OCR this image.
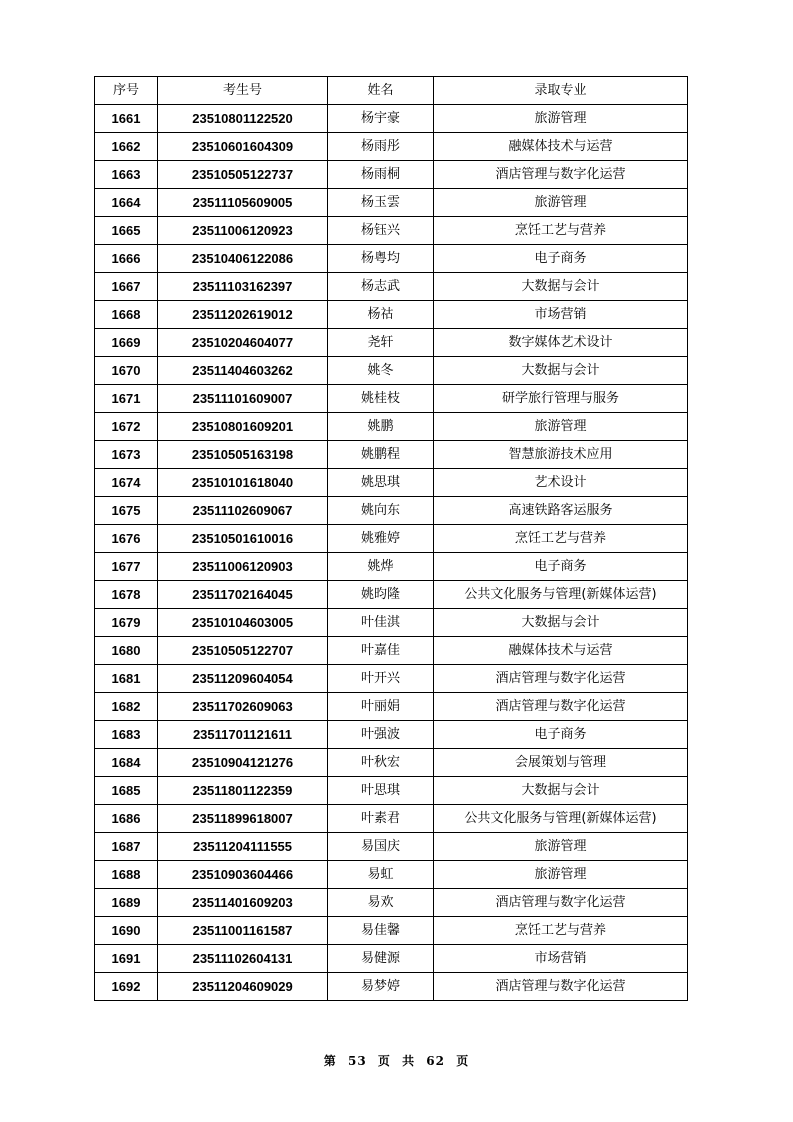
序号	考生号	姓名	录取专业
1661	23510801122520	杨宇豪	旅游管理
1662	23510601604309	杨雨彤	融媒体技术与运营
1663	23510505122737	杨雨桐	酒店管理与数字化运营
1664	23511105609005	杨玉雲	旅游管理
1665	23511006120923	杨钰兴	烹饪工艺与营养
1666	23510406122086	杨粤均	电子商务
1667	23511103162397	杨志武	大数据与会计
1668	23511202619012	杨祜	市场营销
1669	23510204604077	尧轩	数字媒体艺术设计
1670	23511404603262	姚冬	大数据与会计
1671	23511101609007	姚桂枝	研学旅行管理与服务
1672	23510801609201	姚鹏	旅游管理
1673	23510505163198	姚鹏程	智慧旅游技术应用
1674	23510101618040	姚思琪	艺术设计
1675	23511102609067	姚向东	高速铁路客运服务
1676	23510501610016	姚雅婷	烹饪工艺与营养
1677	23511006120903	姚烨	电子商务
1678	23511702164045	姚昀隆	公共文化服务与管理(新媒体运营)
1679	23510104603005	叶佳淇	大数据与会计
1680	23510505122707	叶嘉佳	融媒体技术与运营
1681	23511209604054	叶开兴	酒店管理与数字化运营
1682	23511702609063	叶丽娟	酒店管理与数字化运营
1683	23511701121611	叶强波	电子商务
1684	23510904121276	叶秋宏	会展策划与管理
1685	23511801122359	叶思琪	大数据与会计
1686	23511899618007	叶素君	公共文化服务与管理(新媒体运营)
1687	23511204111555	易国庆	旅游管理
1688	23510903604466	易虹	旅游管理
1689	23511401609203	易欢	酒店管理与数字化运营
1690	23511001161587	易佳馨	烹饪工艺与营养
1691	23511102604131	易健源	市场营销
1692	23511204609029	易梦婷	酒店管理与数字化运营
第 53 页 共 62 页
